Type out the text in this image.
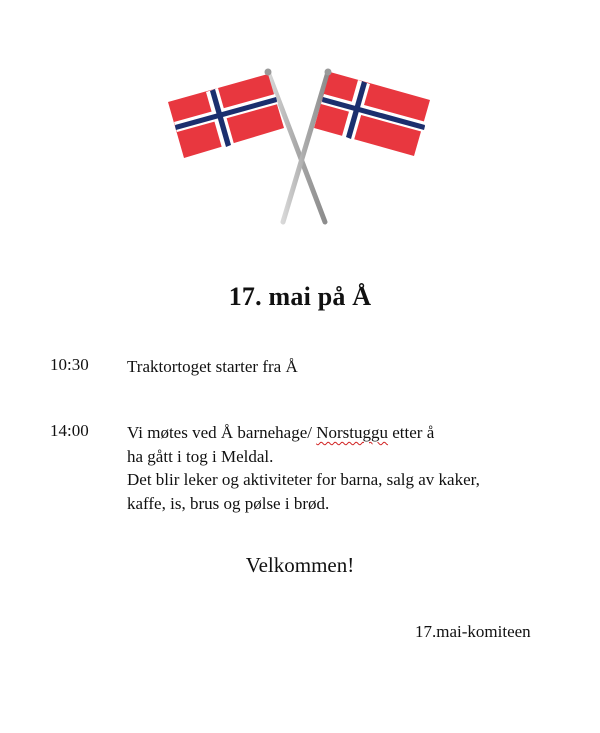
17. mai på Å
10:30 Traktortoget starter fra Å
14:00 Vi møtes ved Å barnehage/ Norstuggu etter å
ha gått i tog i Meldal.
Det blir leker og aktiviteter for barna, salg av kaker,
kaffe, is, brus og pølse i brød.
Velkommen!
17.mai-komiteen
